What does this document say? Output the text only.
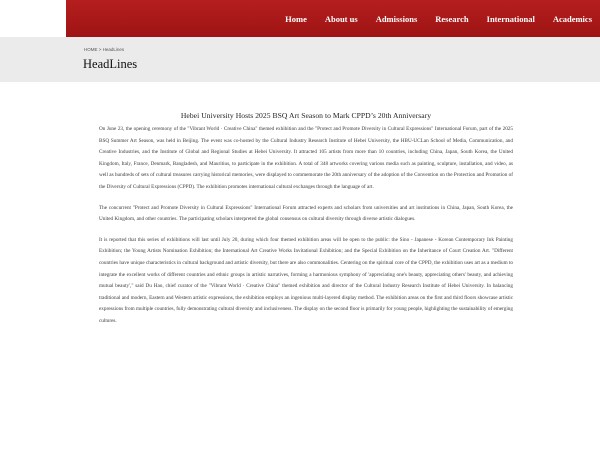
Home About us Admissions Research International Academics
HOME > HeadLines
HeadLines
Hebei University Hosts 2025 BSQ Art Season to Mark CPPD’s 20th Anniversary

On June 23, the opening ceremony of the "Vibrant World · Creative China" themed exhibition and the "Protect and Promote Diversity in Cultural Expressions" International Forum, part of the 2025 BSQ Summer Art Season, was held in Beijing. The event was co-hosted by the Cultural Industry Research Institute of Hebei University, the HBU-UCLan School of Media, Communication, and Creative Industries, and the Institute of Global and Regional Studies at Hebei University. It attracted 105 artists from more than 10 countries, including China, Japan, South Korea, the United Kingdom, Italy, France, Denmark, Bangladesh, and Mauritius, to participate in the exhibition. A total of 348 artworks covering various media such as painting, sculpture, installation, and video, as well as hundreds of sets of cultural treasures carrying historical memories, were displayed to commemorate the 20th anniversary of the adoption of the Convention on the Protection and Promotion of the Diversity of Cultural Expressions (CPPD). The exhibition promotes international cultural exchanges through the language of art.

The concurrent "Protect and Promote Diversity in Cultural Expressions" International Forum attracted experts and scholars from universities and art institutions in China, Japan, South Korea, the United Kingdom, and other countries. The participating scholars interpreted the global consensus on cultural diversity through diverse artistic dialogues.

It is reported that this series of exhibitions will last until July 20, during which four themed exhibition areas will be open to the public: the Sino - Japanese - Korean Contemporary Ink Painting Exhibition; the Young Artists Nomination Exhibition; the International Art Creative Works Invitational Exhibition; and the Special Exhibition on the Inheritance of Court Creation Art. "Different countries have unique characteristics in cultural background and artistic diversity, but there are also commonalities. Centering on the spiritual core of the CPPD, the exhibition uses art as a medium to integrate the excellent works of different countries and ethnic groups in artistic narratives, forming a harmonious symphony of 'appreciating one's beauty, appreciating others' beauty, and achieving mutual beauty'," said Du Hao, chief curator of the "Vibrant World · Creative China" themed exhibition and director of the Cultural Industry Research Institute of Hebei University. In balancing traditional and modern, Eastern and Western artistic expressions, the exhibition employs an ingenious multi-layered display method. The exhibition areas on the first and third floors showcase artistic expressions from multiple countries, fully demonstrating cultural diversity and inclusiveness. The display on the second floor is primarily for young people, highlighting the sustainability of emerging cultures.
